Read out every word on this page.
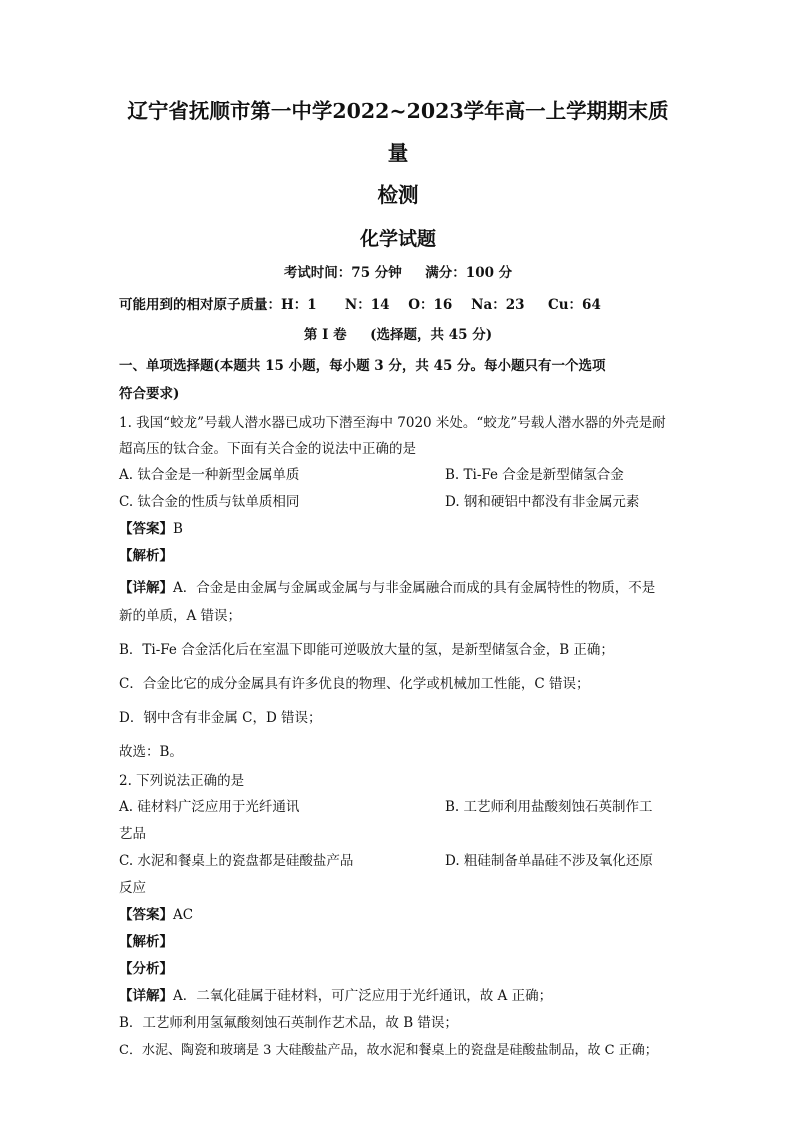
辽宁省抚顺市第一中学2022~2023学年高一上学期期末质量
检测
化学试题
考试时间：75 分钟     满分：100 分
可能用到的相对原子质量：H：1      N：14    O：16    Na：23     Cu：64
第 I 卷     (选择题，共 45 分)
一、单项选择题(本题共 15 小题，每小题 3 分，共 45 分。每小题只有一个选项
符合要求)
1. 我国“蛟龙”号载人潜水器已成功下潜至海中 7020 米处。“蛟龙”号载人潜水器的外壳是耐
超高压的钛合金。下面有关合金的说法中正确的是
A. 钛合金是一种新型金属单质	B. Ti-Fe 合金是新型储氢合金
C. 钛合金的性质与钛单质相同	D. 钢和硬铝中都没有非金属元素
【答案】B
【解析】
【详解】A．合金是由金属与金属或金属与与非金属融合而成的具有金属特性的物质，不是
新的单质，A 错误；
B．Ti-Fe 合金活化后在室温下即能可逆吸放大量的氢，是新型储氢合金，B 正确；
C．合金比它的成分金属具有许多优良的物理、化学或机械加工性能，C 错误；
D．钢中含有非金属 C，D 错误；
故选：B。
2. 下列说法正确的是
A. 硅材料广泛应用于光纤通讯	B. 工艺师利用盐酸刻蚀石英制作工
艺品
C. 水泥和餐桌上的瓷盘都是硅酸盐产品	D. 粗硅制备单晶硅不涉及氧化还原
反应
【答案】AC
【解析】
【分析】
【详解】A．二氧化硅属于硅材料，可广泛应用于光纤通讯，故 A 正确；
B．工艺师利用氢氟酸刻蚀石英制作艺术品，故 B 错误；
C．水泥、陶瓷和玻璃是 3 大硅酸盐产品，故水泥和餐桌上的瓷盘是硅酸盐制品，故 C 正确；
